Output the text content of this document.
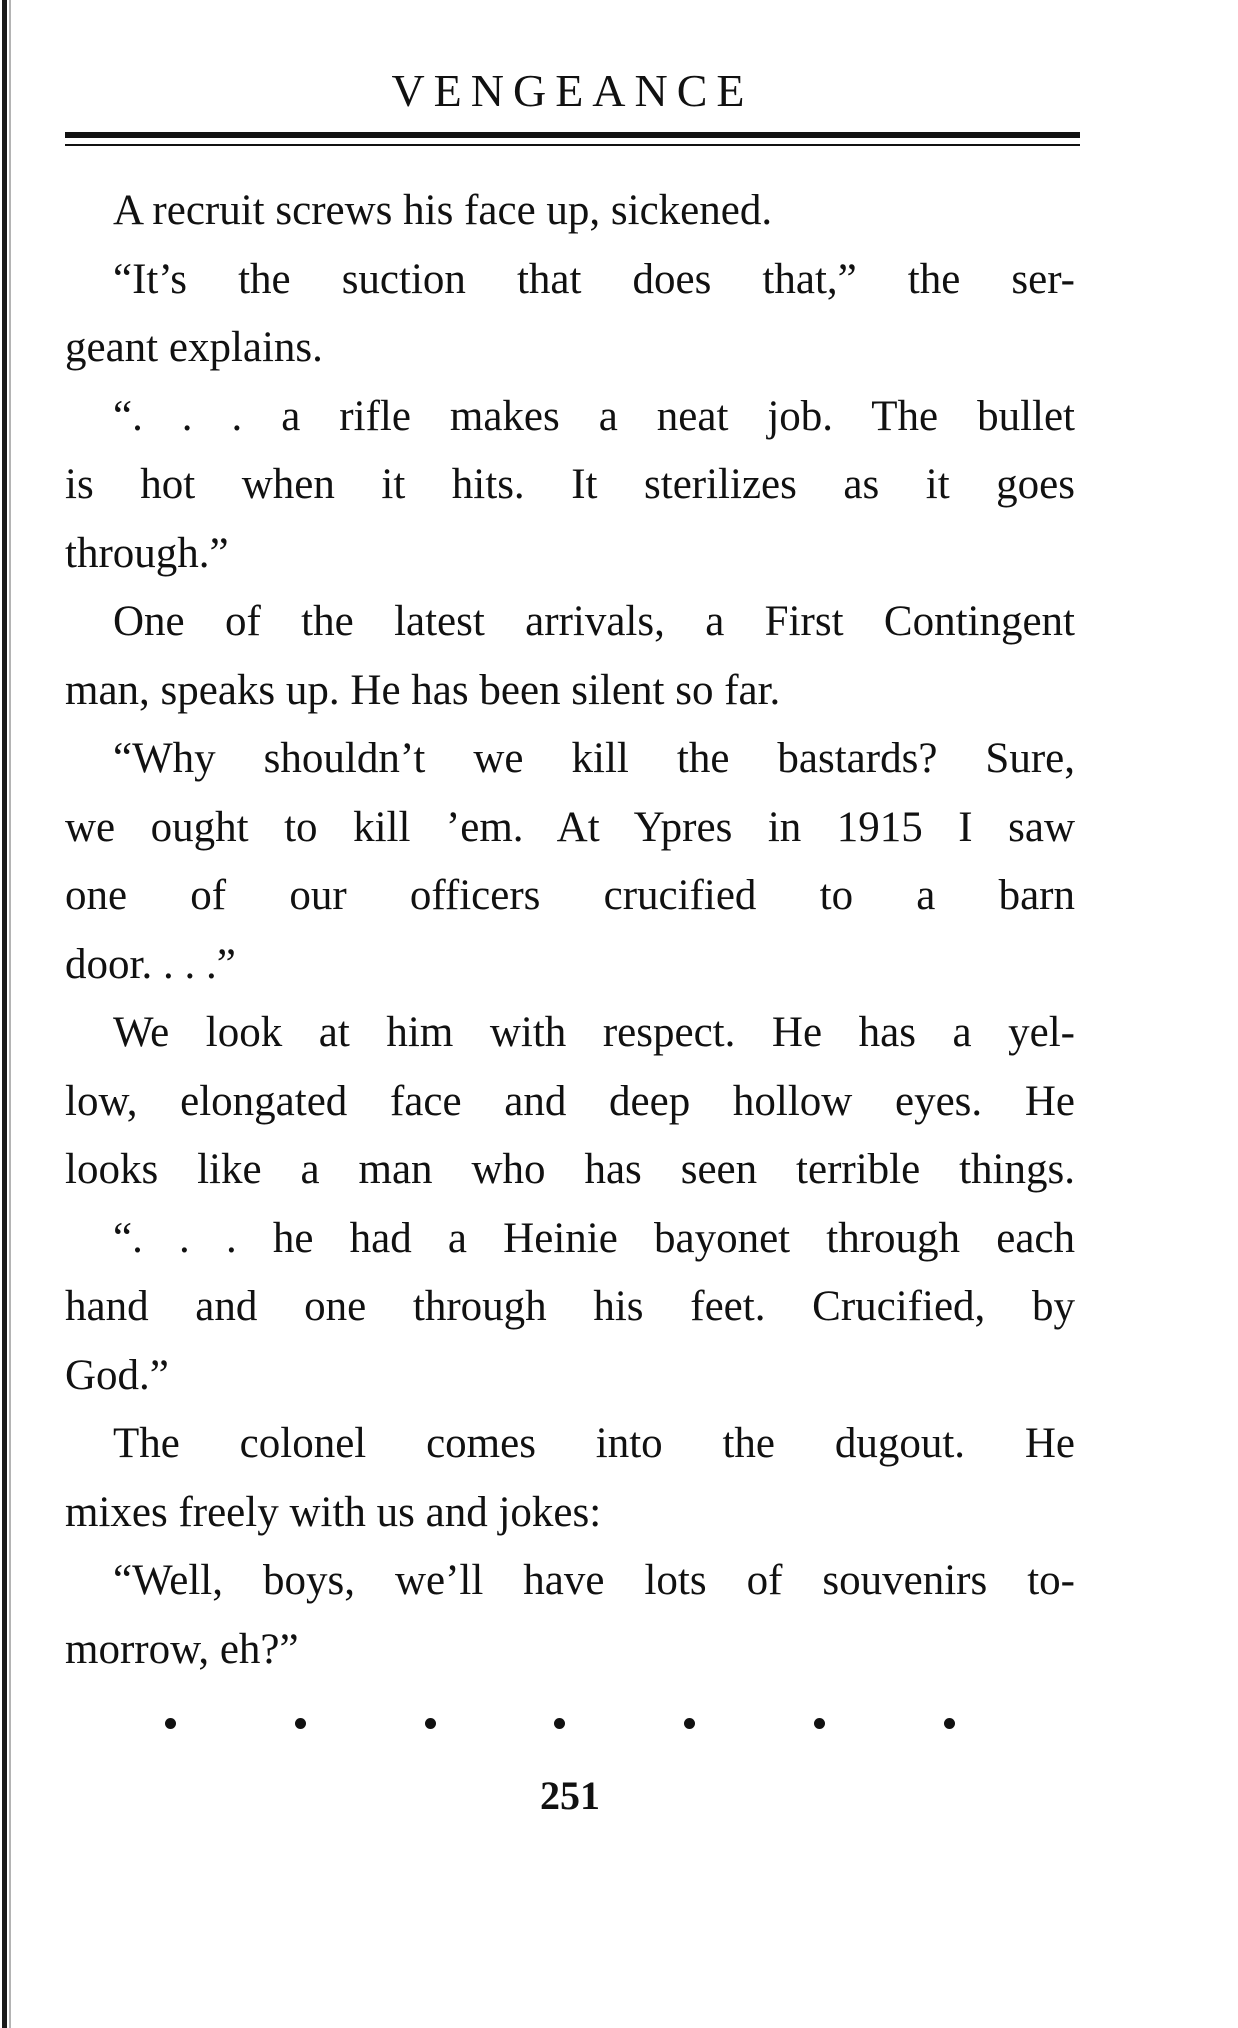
VENGEANCE
A recruit screws his face up, sickened.
“It’s the suction that does that,” the ser-
geant explains.
“. . . a rifle makes a neat job. The bullet
is hot when it hits. It sterilizes as it goes
through.”
One of the latest arrivals, a First Contingent
man, speaks up. He has been silent so far.
“Why shouldn’t we kill the bastards? Sure,
we ought to kill ’em. At Ypres in 1915 I saw
one of our officers crucified to a barn
door. . . .”
We look at him with respect. He has a yel-
low, elongated face and deep hollow eyes. He
looks like a man who has seen terrible things.
“. . . he had a Heinie bayonet through each
hand and one through his feet. Crucified, by
God.”
The colonel comes into the dugout. He
mixes freely with us and jokes:
“Well, boys, we’ll have lots of souvenirs to-
morrow, eh?”
251
